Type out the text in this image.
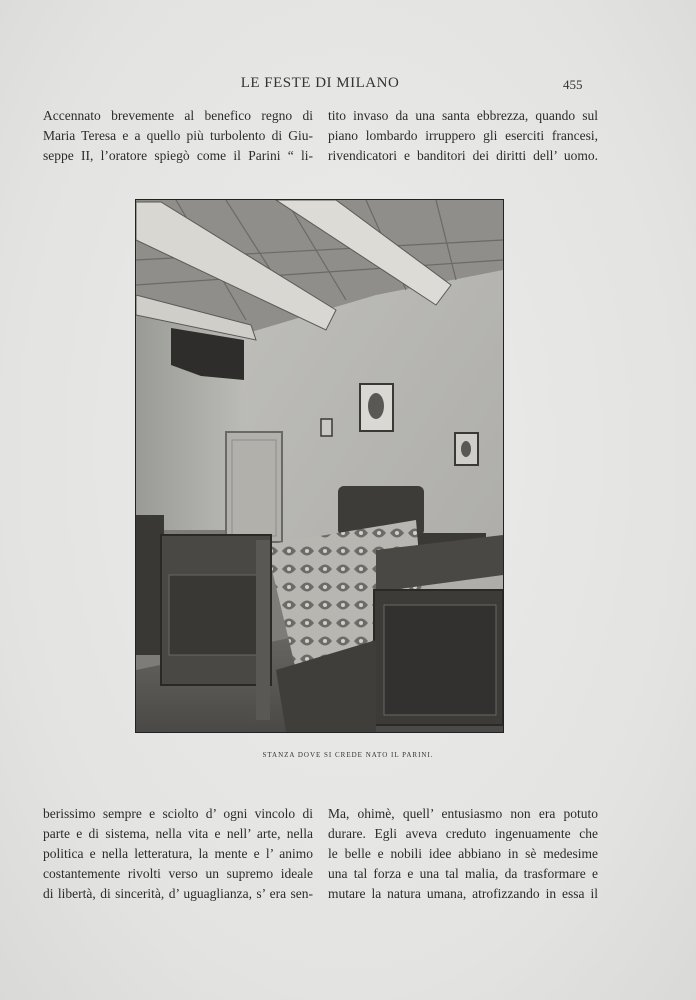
LE FESTE DI MILANO	455
Accennato brevemente al benefico regno di
Maria Teresa e a quello più turbolento di Giu-
seppe II, l’oratore spiegò come il Parini “ li-
tito invaso da una santa ebbrezza, quando sul
piano lombardo irruppero gli eserciti francesi,
rivendicatori e banditori dei diritti dell’ uomo.
STANZA DOVE SI CREDE NATO IL PARINI.
berissimo sempre e sciolto d’ ogni vincolo di
parte e di sistema, nella vita e nell’ arte, nella
politica e nella letteratura, la mente e l’ animo
costantemente rivolti verso un supremo ideale
di libertà, di sincerità, d’ uguaglianza, s’ era sen-
Ma, ohimè, quell’ entusiasmo non era potuto
durare. Egli aveva creduto ingenuamente che
le belle e nobili idee abbiano in sè medesime
una tal forza e una tal malia, da trasformare e
mutare la natura umana, atrofizzando in essa il
